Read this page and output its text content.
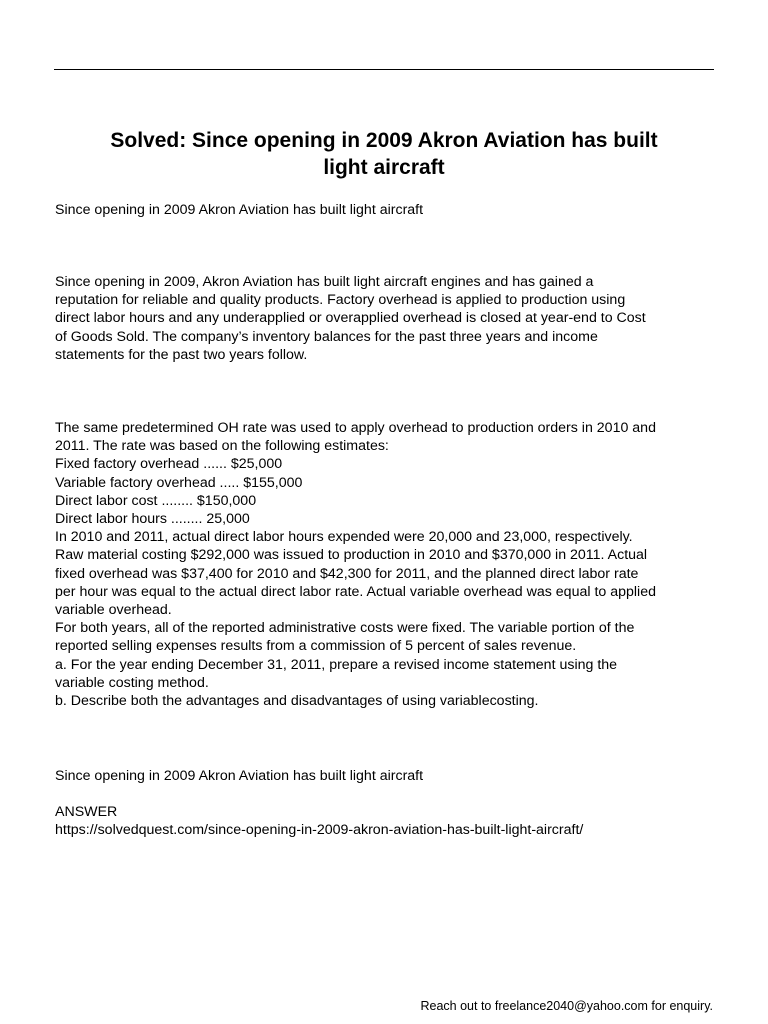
Solved: Since opening in 2009 Akron Aviation has built
light aircraft

Since opening in 2009 Akron Aviation has built light aircraft

Since opening in 2009, Akron Aviation has built light aircraft engines and has gained a
reputation for reliable and quality products. Factory overhead is applied to production using
direct labor hours and any underapplied or overapplied overhead is closed at year-end to Cost
of Goods Sold. The company’s inventory balances for the past three years and income
statements for the past two years follow.
The same predetermined OH rate was used to apply overhead to production orders in 2010 and
2011. The rate was based on the following estimates:
Fixed factory overhead ...... $25,000
Variable factory overhead ..... $155,000
Direct labor cost ........ $150,000
Direct labor hours ........ 25,000
In 2010 and 2011, actual direct labor hours expended were 20,000 and 23,000, respectively.
Raw material costing $292,000 was issued to production in 2010 and $370,000 in 2011. Actual
fixed overhead was $37,400 for 2010 and $42,300 for 2011, and the planned direct labor rate
per hour was equal to the actual direct labor rate. Actual variable overhead was equal to applied
variable overhead.
For both years, all of the reported administrative costs were fixed. The variable portion of the
reported selling expenses results from a commission of 5 percent of sales revenue.
a. For the year ending December 31, 2011, prepare a revised income statement using the
variable costing method.
b. Describe both the advantages and disadvantages of using variablecosting.

Since opening in 2009 Akron Aviation has built light aircraft

ANSWER
https://solvedquest.com/since-opening-in-2009-akron-aviation-has-built-light-aircraft/
Reach out to freelance2040@yahoo.com for enquiry.
